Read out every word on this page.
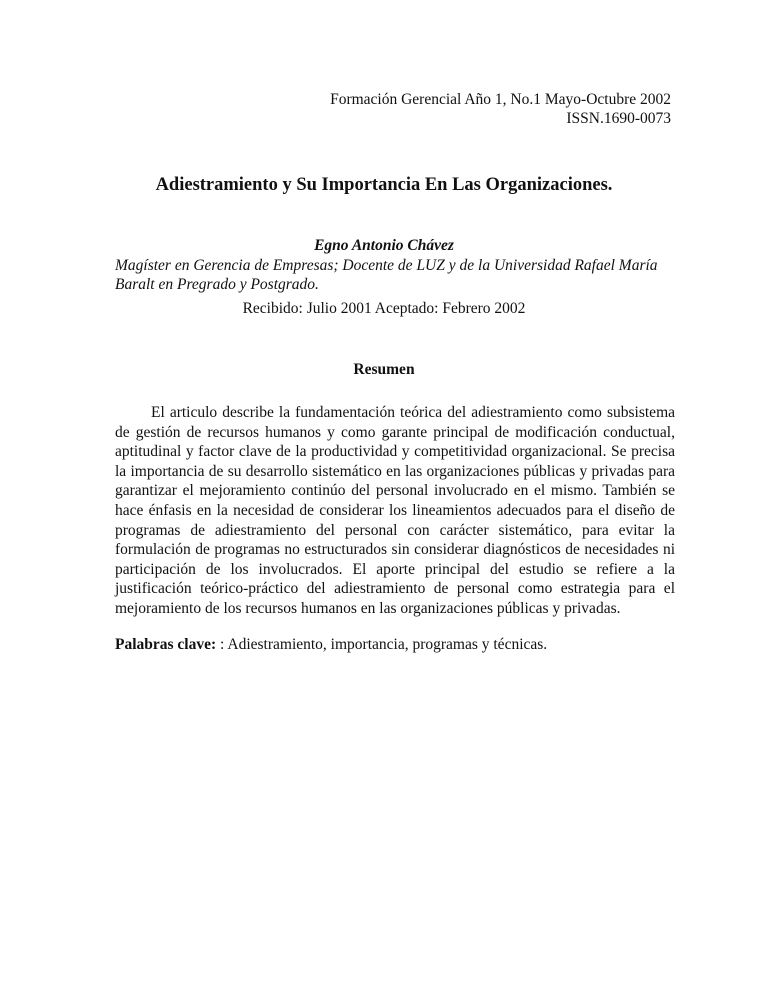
Formación Gerencial Año 1, No.1 Mayo-Octubre 2002
ISSN.1690-0073
Adiestramiento y Su Importancia En Las Organizaciones.
Egno Antonio Chávez
Magíster en Gerencia de Empresas; Docente de LUZ y de la Universidad Rafael María Baralt en Pregrado y Postgrado.
Recibido: Julio 2001 Aceptado: Febrero 2002
Resumen

El articulo describe la fundamentación teórica del adiestramiento como subsistema de gestión de recursos humanos y como garante principal de modificación conductual, aptitudinal y factor clave de la productividad y competitividad organizacional. Se precisa la importancia de su desarrollo sistemático en las organizaciones públicas y privadas para garantizar el mejoramiento continúo del personal involucrado en el mismo. También se hace énfasis en la necesidad de considerar los lineamientos adecuados para el diseño de programas de adiestramiento del personal con carácter sistemático, para evitar la formulación de programas no estructurados sin considerar diagnósticos de necesidades ni participación de los involucrados. El aporte principal del estudio se refiere a la justificación teórico-práctico del adiestramiento de personal como estrategia para el mejoramiento de los recursos humanos en las organizaciones públicas y privadas.

Palabras clave: : Adiestramiento, importancia, programas y técnicas.
